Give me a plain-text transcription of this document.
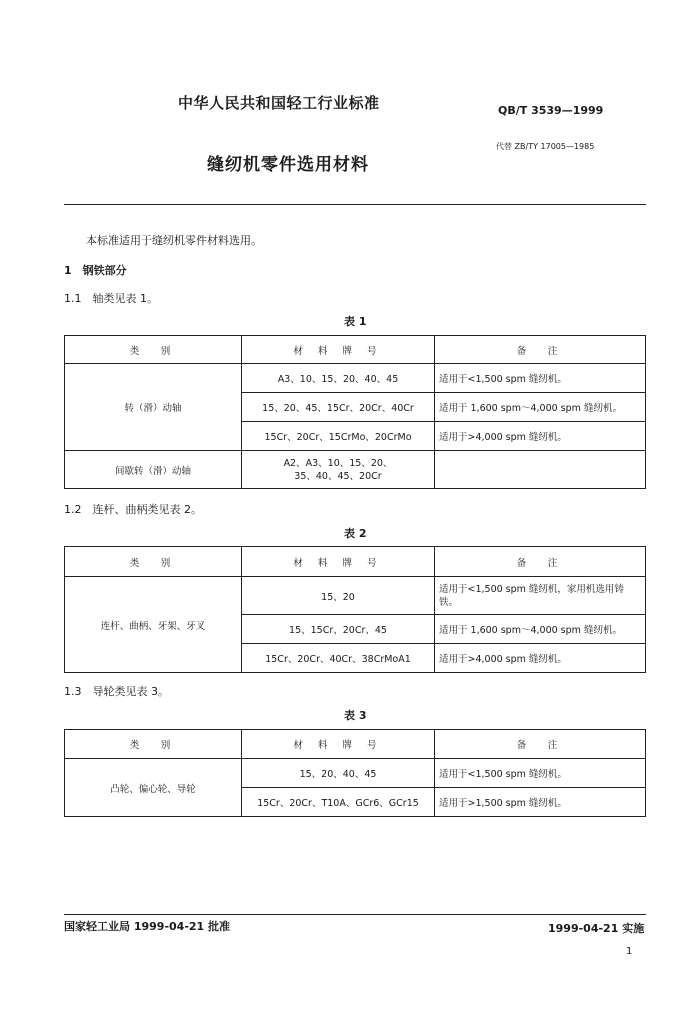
中华人民共和国轻工行业标准	QB/T 3539—1999
代替 ZB/TY 17005—1985
缝纫机零件选用材料
本标准适用于缝纫机零件材料选用。
1　钢铁部分
1.1　轴类见表 1。
表 1
类　别	材 料 牌 号	备　注
转（滑）动轴	A3、10、15、20、40、45	适用于<1,500 spm 缝纫机。
	15、20、45、15Cr、20Cr、40Cr	适用于 1,600 spm～4,000 spm 缝纫机。
	15Cr、20Cr、15CrMo、20CrMo	适用于>4,000 spm 缝纫机。
间歇转（滑）动轴	A2、A3、10、15、20、35、40、45、20Cr	
1.2　连杆、曲柄类见表 2。
表 2
类　别	材 料 牌 号	备　注
连杆、曲柄、牙架、牙叉	15、20	适用于<1,500 spm 缝纫机，家用机选用铸铁。
	15、15Cr、20Cr、45	适用于 1,600 spm～4,000 spm 缝纫机。
	15Cr、20Cr、40Cr、38CrMoA1	适用于>4,000 spm 缝纫机。
1.3　导轮类见表 3。
表 3
类　别	材 料 牌 号	备　注
凸轮、偏心轮、导轮	15、20、40、45	适用于<1,500 spm 缝纫机。
	15Cr、20Cr、T10A、GCr6、GCr15	适用于>1,500 spm 缝纫机。
国家轻工业局 1999-04-21 批准	1999-04-21 实施
1
